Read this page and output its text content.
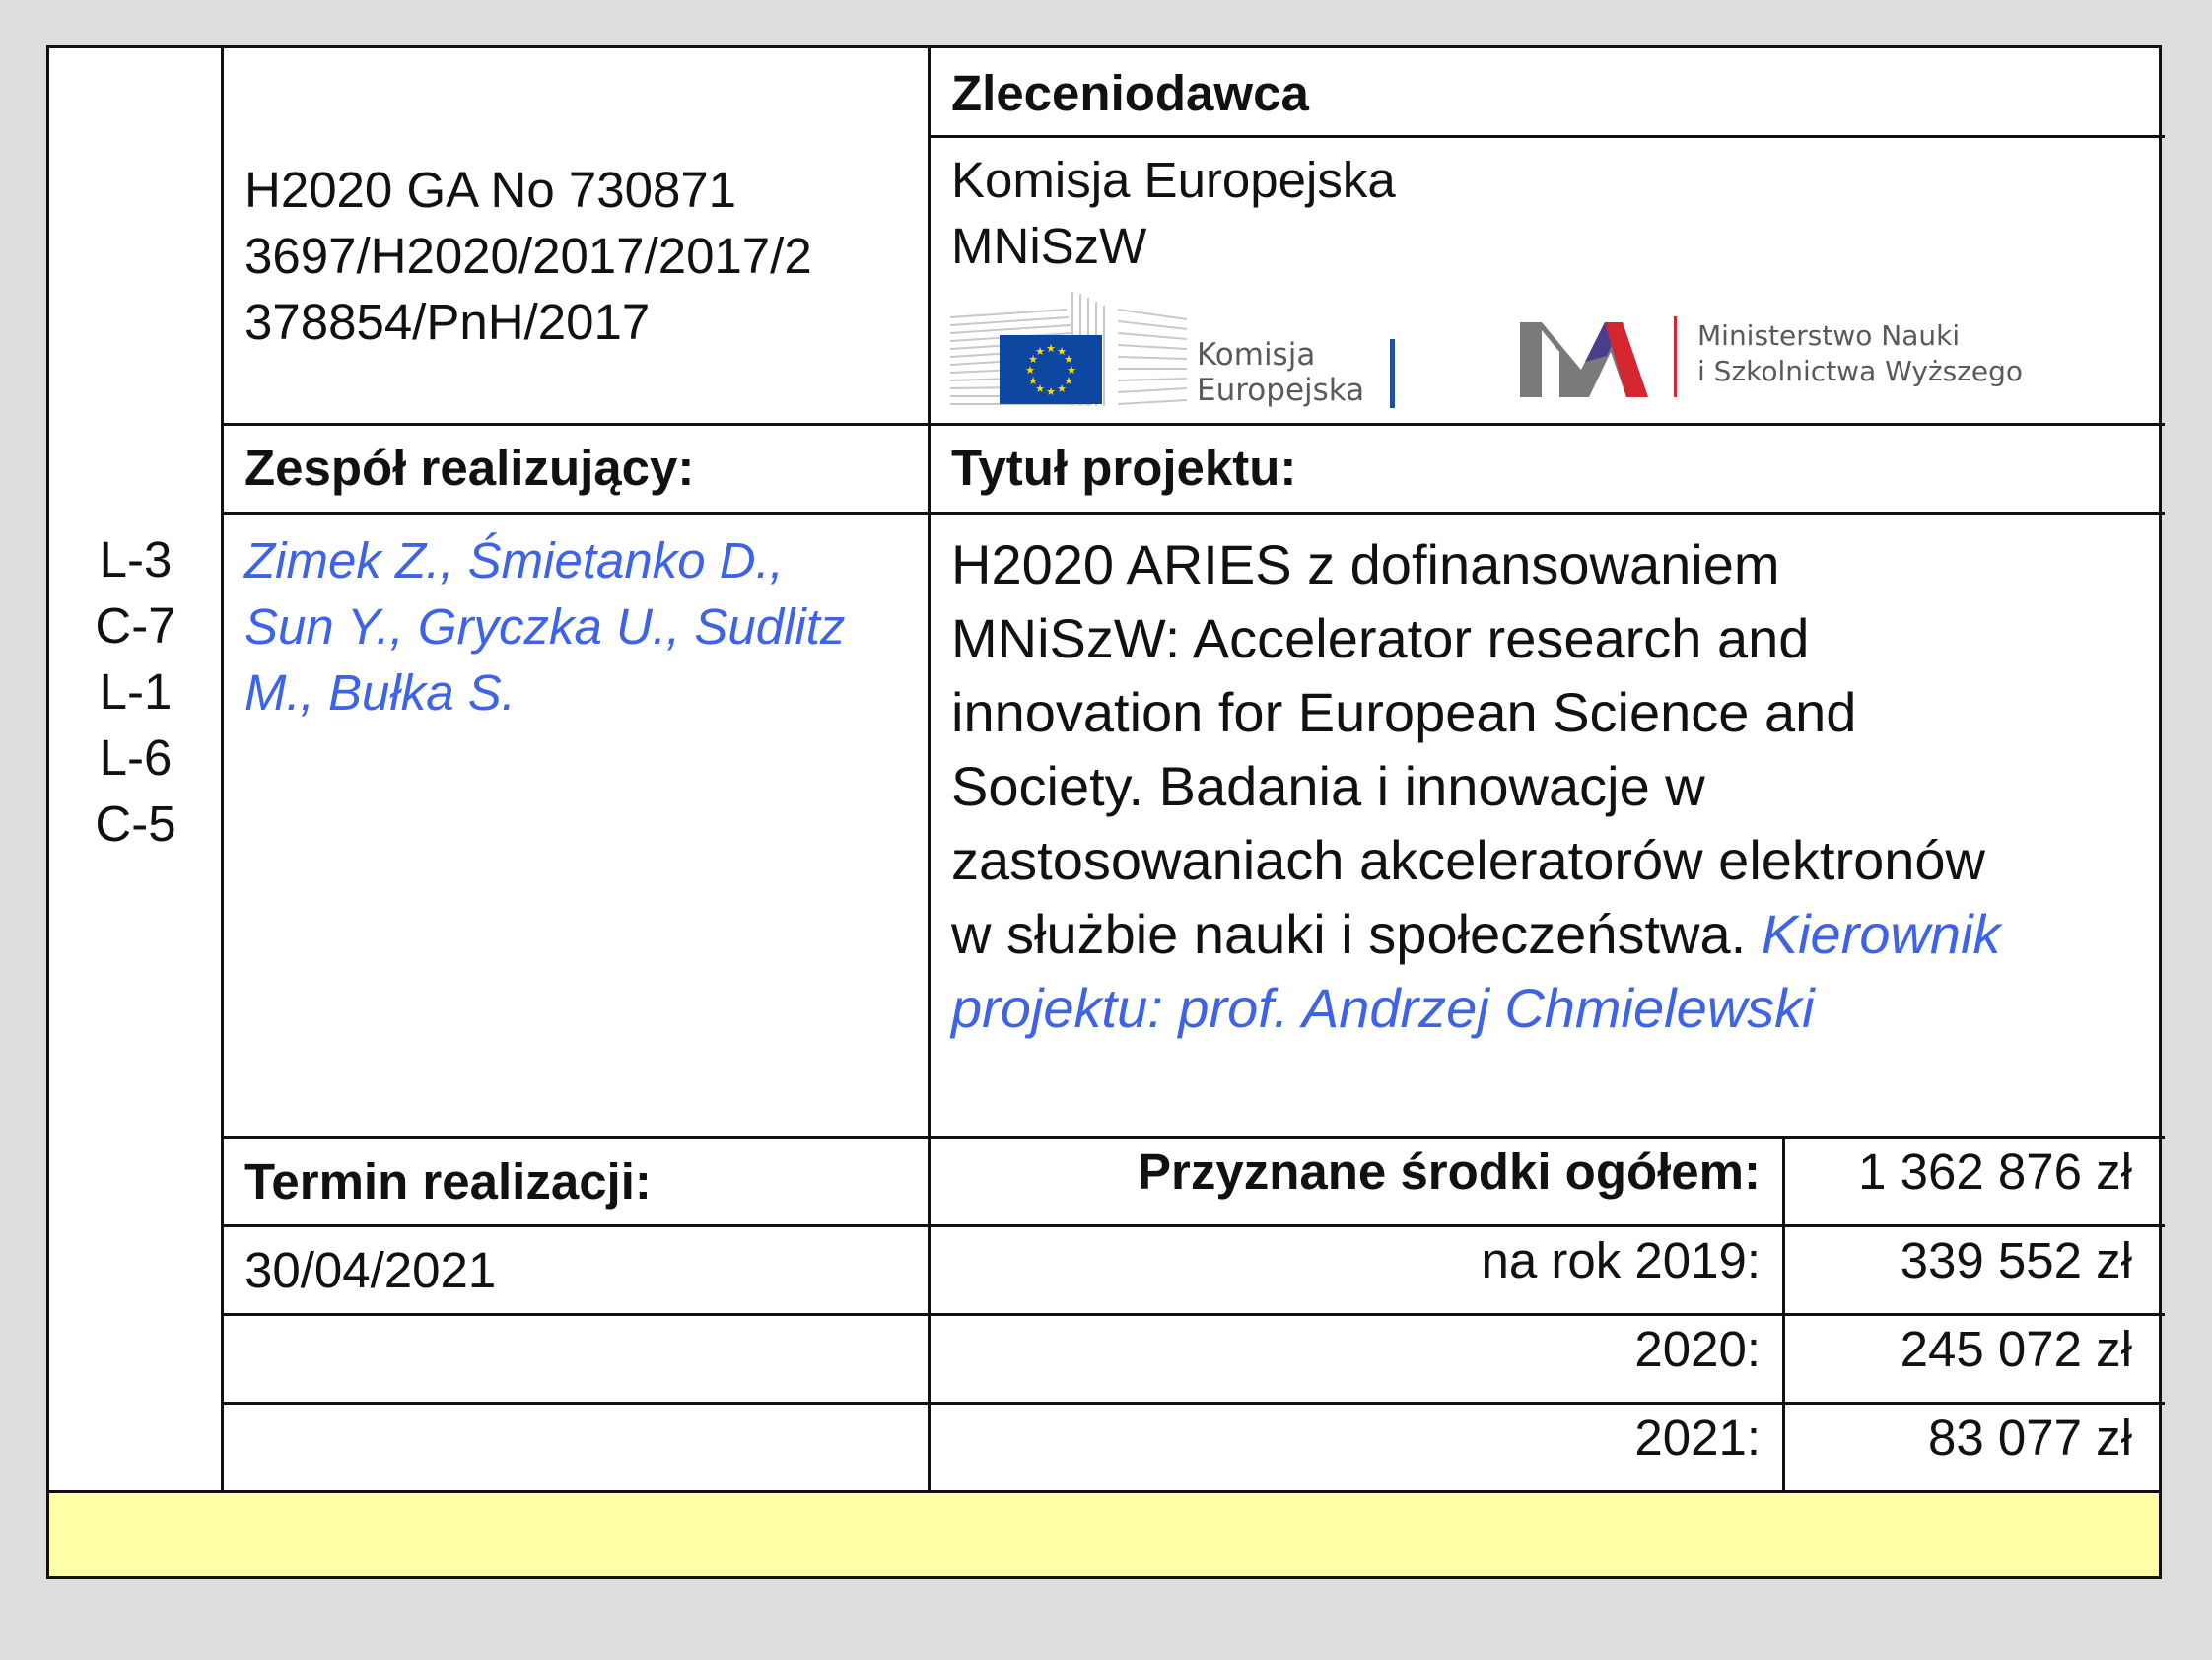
L-3
C-7
L-1
L-6
C-5
H2020 GA No 730871
3697/H2020/2017/2017/2
378854/PnH/2017
Zleceniodawca
Komisja Europejska
MNiSzW
★ ★
★
★
★
★
★
★
★
★
★
★	Komisja
Europejska
Ministerstwo Nauki
i Szkolnictwa Wyższego
Zespół realizujący:
Zimek Z., Śmietanko D.,
Sun Y., Gryczka U., Sudlitz
M., Bułka S.
Tytuł projektu:
H2020 ARIES z dofinansowaniem
MNiSzW: Accelerator research and
innovation for European Science and
Society. Badania i innowacje w
zastosowaniach akceleratorów elektronów
w służbie nauki i społeczeństwa. Kierownik
projektu: prof. Andrzej Chmielewski
Termin realizacji:
30/04/2021
Przyznane środki ogółem:	1 362 876 zł
na rok 2019:	339 552 zł
2020:	245 072 zł
2021:	83 077 zł
